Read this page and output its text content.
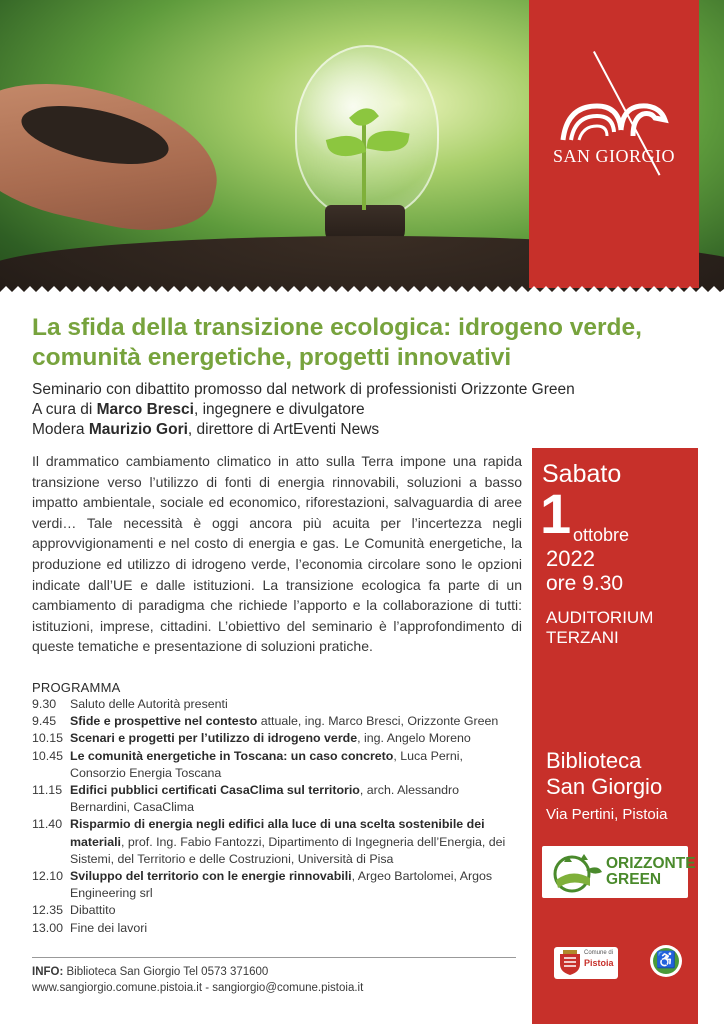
SAN GIORGIO
La sfida della transizione ecologica: idrogeno verde, comunità energetiche, progetti innovativi
Seminario con dibattito promosso dal network di professionisti Orizzonte Green
A cura di Marco Bresci, ingegnere e divulgatore
Modera Maurizio Gori, direttore di ArtEventi News

Il drammatico cambiamento climatico in atto sulla Terra impone una rapida transizione verso l’utilizzo di fonti di energia rinnovabili, soluzioni a basso impatto ambientale, sociale ed economico, riforestazioni, salvaguardia di aree verdi… Tale necessità è oggi ancora più acuita per l’incertezza negli approvvigionamenti e nel costo di energia e gas. Le Comunità energetiche, la produzione ed utilizzo di idrogeno verde, l’economia circolare sono le opzioni indicate dall’UE e dalle istituzioni. La transizione ecologica fa parte di un cambiamento di paradigma che richiede l’apporto e la collaborazione di tutti: istituzioni, imprese, cittadini. L’obiettivo del seminario è l’approfondimento di queste tematiche e presentazione di soluzioni pratiche.

Sabato
1 ottobre
2022
ore 9.30
AUDITORIUM
TERZANI
Biblioteca
San Giorgio
Via Pertini, Pistoia
ORIZZONTE
GREEN
Comune di
Pistoia	♿
PROGRAMMA
9.30	Saluto delle Autorità presenti
9.45	Sfide e prospettive nel contesto attuale, ing. Marco Bresci, Orizzonte Green
10.15 Scenari e progetti per l’utilizzo di idrogeno verde, ing. Angelo Moreno
10.45 Le comunità energetiche in Toscana: un caso concreto, Luca Perni, Consorzio Energia Toscana
11.15 Edifici pubblici certificati CasaClima sul territorio, arch. Alessandro Bernardini, CasaClima
11.40 Risparmio di energia negli edifici alla luce di una scelta sostenibile dei materiali, prof. Ing. Fabio Fantozzi, Dipartimento di Ingegneria dell’Energia, dei Sistemi, del Territorio e delle Costruzioni, Università di Pisa
12.10 Sviluppo del territorio con le energie rinnovabili, Argeo Bartolomei, Argos Engineering srl
12.35 Dibattito
13.00 Fine dei lavori
INFO: Biblioteca San Giorgio Tel 0573 371600
www.sangiorgio.comune.pistoia.it - sangiorgio@comune.pistoia.it
